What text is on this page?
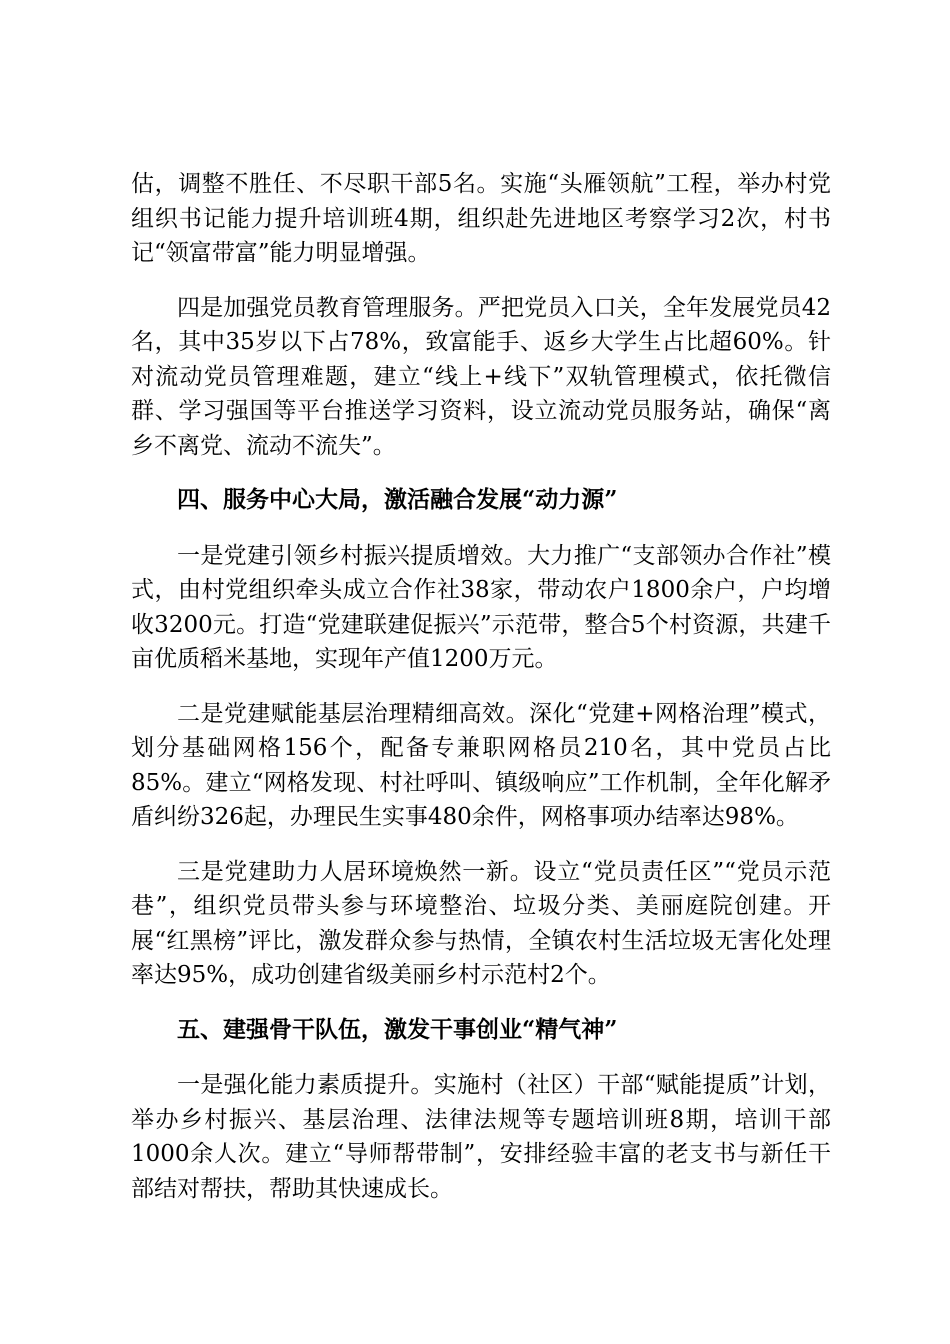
估，调整不胜任、不尽职干部5名。实施“头雁领航”工程，举办村党组织书记能力提升培训班4期，组织赴先进地区考察学习2次，村书记“领富带富”能力明显增强。

四是加强党员教育管理服务。严把党员入口关，全年发展党员42名，其中35岁以下占78%，致富能手、返乡大学生占比超60%。针对流动党员管理难题，建立“线上+线下”双轨管理模式，依托微信群、学习强国等平台推送学习资料，设立流动党员服务站，确保“离乡不离党、流动不流失”。

四、服务中心大局，激活融合发展“动力源”

一是党建引领乡村振兴提质增效。大力推广“支部领办合作社”模式，由村党组织牵头成立合作社38家，带动农户1800余户，户均增收3200元。打造“党建联建促振兴”示范带，整合5个村资源，共建千亩优质稻米基地，实现年产值1200万元。

二是党建赋能基层治理精细高效。深化“党建+网格治理”模式，划分基础网格156个，配备专兼职网格员210名，其中党员占比85%。建立“网格发现、村社呼叫、镇级响应”工作机制，全年化解矛盾纠纷326起，办理民生实事480余件，网格事项办结率达98%。

三是党建助力人居环境焕然一新。设立“党员责任区”“党员示范巷”，组织党员带头参与环境整治、垃圾分类、美丽庭院创建。开展“红黑榜”评比，激发群众参与热情，全镇农村生活垃圾无害化处理率达95%，成功创建省级美丽乡村示范村2个。

五、建强骨干队伍，激发干事创业“精气神”

一是强化能力素质提升。实施村（社区）干部“赋能提质”计划，举办乡村振兴、基层治理、法律法规等专题培训班8期，培训干部1000余人次。建立“导师帮带制”，安排经验丰富的老支书与新任干部结对帮扶，帮助其快速成长。
